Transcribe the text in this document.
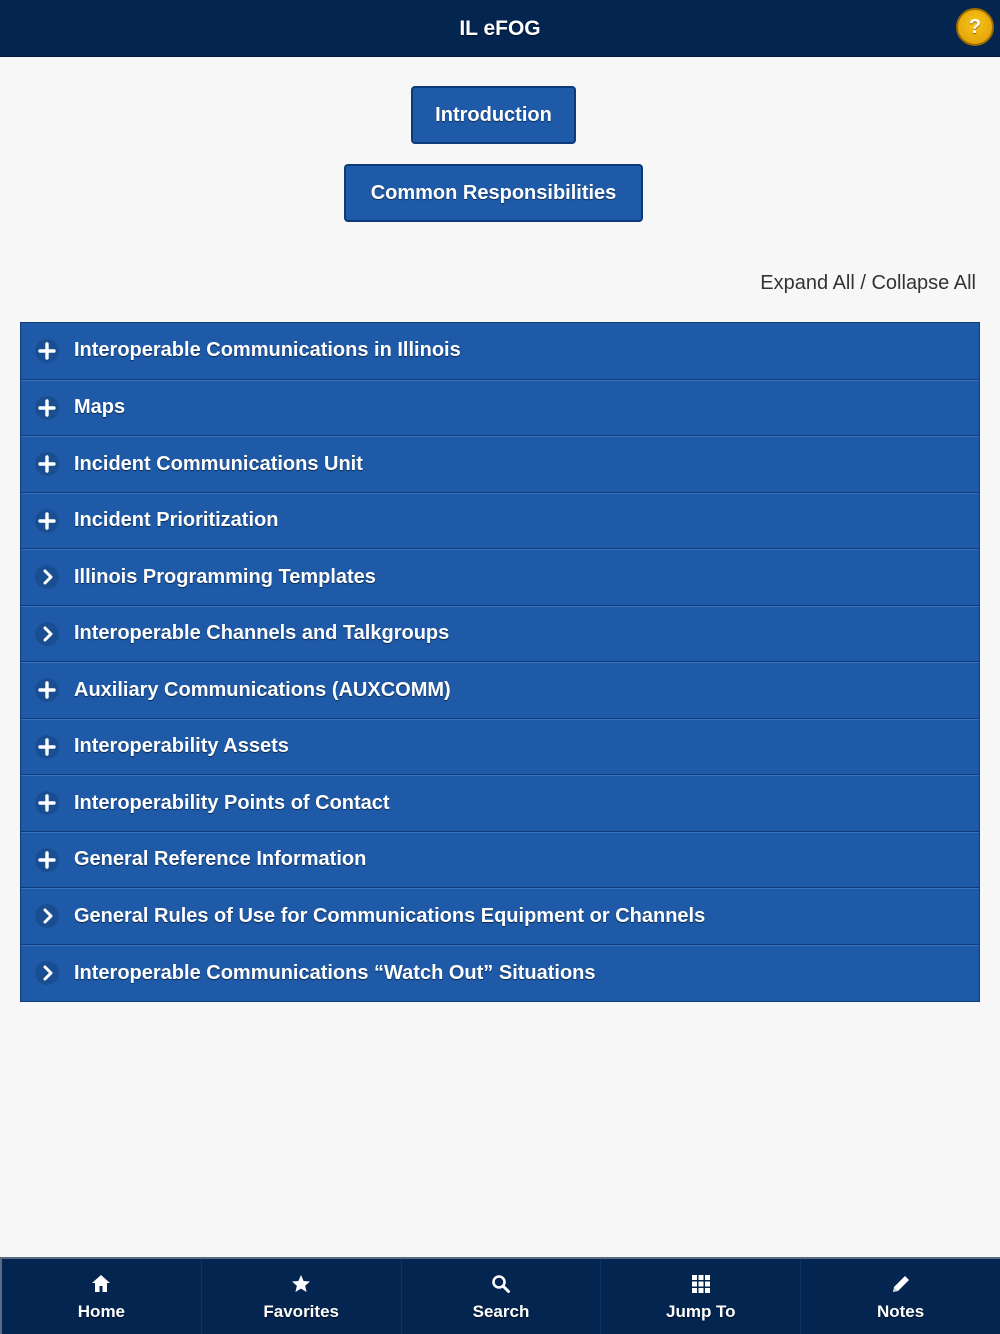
IL eFOG	?
Introduction
Common Responsibilities
Expand All / Collapse All
Interoperable Communications in Illinois
Maps
Incident Communications Unit
Incident Prioritization
Illinois Programming Templates
Interoperable Channels and Talkgroups
Auxiliary Communications (AUXCOMM)
Interoperability Assets
Interoperability Points of Contact
General Reference Information
General Rules of Use for Communications Equipment or Channels
Interoperable Communications “Watch Out” Situations
Home	Favorites	Search	Jump To	Notes
